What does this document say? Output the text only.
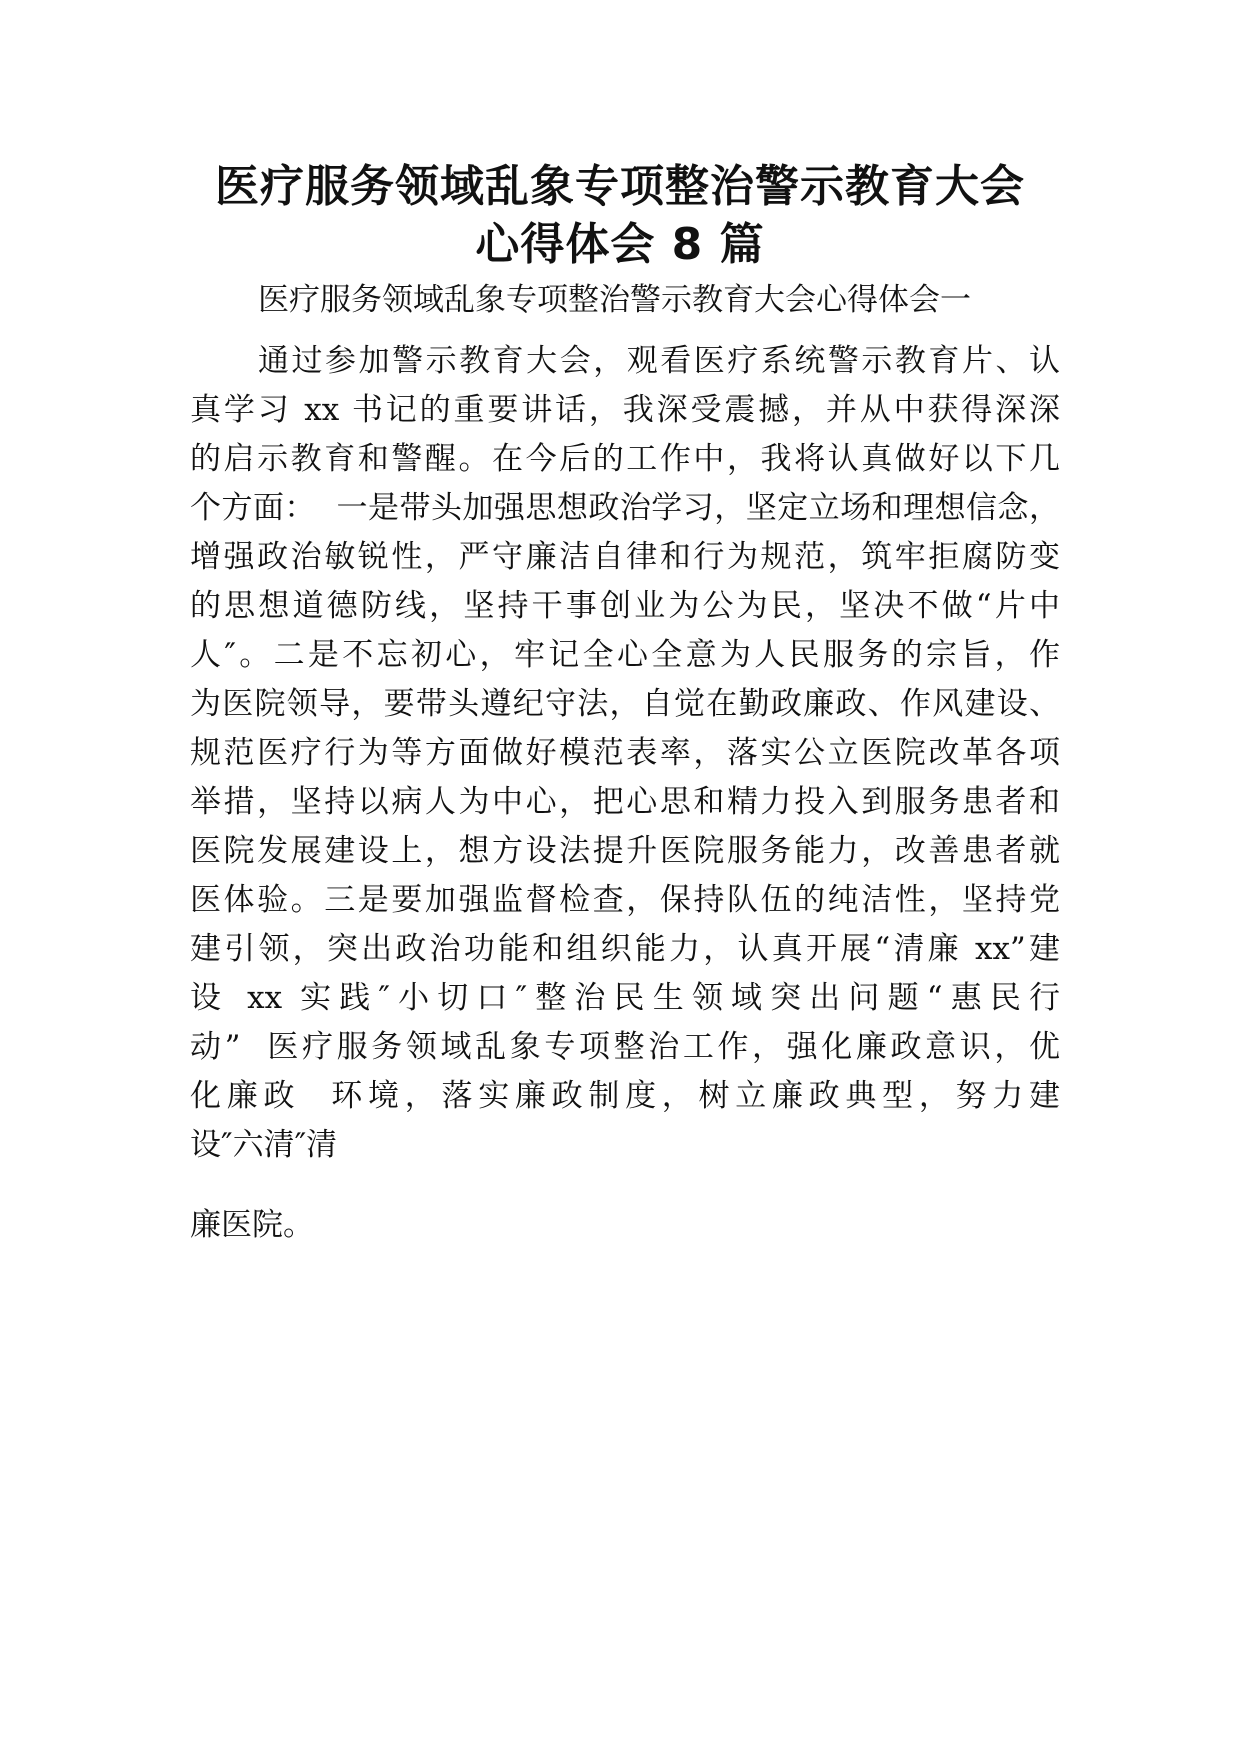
医疗服务领域乱象专项整治警示教育大会
心得体会 8 篇
医疗服务领域乱象专项整治警示教育大会心得体会一
通过参加警示教育大会，观看医疗系统警示教育片、认
真学习 xx 书记的重要讲话，我深受震撼，并从中获得深深
的启示教育和警醒。在今后的工作中，我将认真做好以下几
个方面：  一是带头加强思想政治学习，坚定立场和理想信念，
增强政治敏锐性，严守廉洁自律和行为规范，筑牢拒腐防变
的思想道德防线，坚持干事创业为公为民，坚决不做“片中
人″。二是不忘初心，牢记全心全意为人民服务的宗旨，作
为医院领导，要带头遵纪守法，自觉在勤政廉政、作风建设、
规范医疗行为等方面做好模范表率，落实公立医院改革各项
举措，坚持以病人为中心，把心思和精力投入到服务患者和
医院发展建设上，想方设法提升医院服务能力，改善患者就
医体验。三是要加强监督检查，保持队伍的纯洁性，坚持党
建引领，突出政治功能和组织能力，认真开展“清廉 xx”建
设 xx 实践″小切口″整治民生领域突出问题“惠民行
动”  医疗服务领域乱象专项整治工作，强化廉政意识，优
化廉政  环境，落实廉政制度，树立廉政典型，努力建
设″六清″清
廉医院。
